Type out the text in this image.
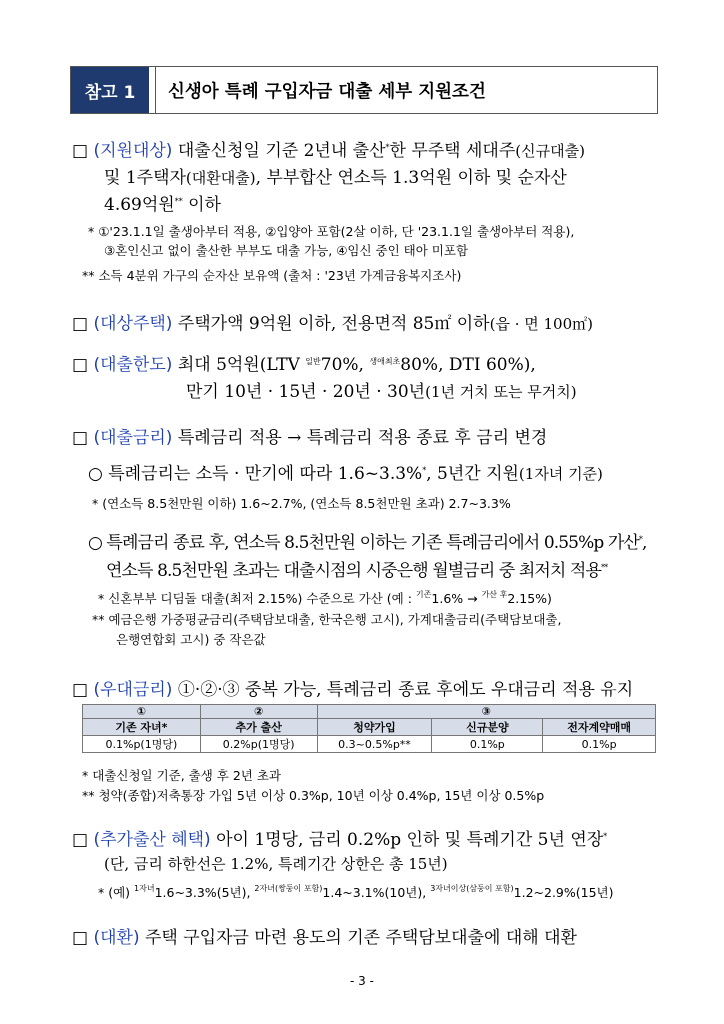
참고 1	신생아 특례 구입자금 대출 세부 지원조건
□ (지원대상) 대출신청일 기준 2년내 출산*한 무주택 세대주(신규대출)
및 1주택자(대환대출), 부부합산 연소득 1.3억원 이하 및 순자산
4.69억원** 이하
* ①'23.1.1일 출생아부터 적용, ②입양아 포함(2살 이하, 단 '23.1.1일 출생아부터 적용),
③혼인신고 없이 출산한 부부도 대출 가능, ④임신 중인 태아 미포함
** 소득 4분위 가구의 순자산 보유액 (출처 : '23년 가계금융복지조사)
□ (대상주택) 주택가액 9억원 이하, 전용면적 85㎡ 이하(읍 · 면 100㎡)
□ (대출한도) 최대 5억원(LTV $^{일반}$70%, $^{생애최초}$80%, DTI 60%),
만기 10년 · 15년 · 20년 · 30년(1년 거치 또는 무거치)
□ (대출금리) 특례금리 적용 → 특례금리 적용 종료 후 금리 변경
○ 특례금리는 소득 · 만기에 따라 1.6~3.3%*, 5년간 지원(1자녀 기준)
* (연소득 8.5천만원 이하) 1.6~2.7%, (연소득 8.5천만원 초과) 2.7~3.3%
○ 특례금리 종료 후, 연소득 8.5천만원 이하는 기존 특례금리에서 0.55%p 가산*,
연소득 8.5천만원 초과는 대출시점의 시중은행 월별금리 중 최저치 적용**
* 신혼부부 디딤돌 대출(최저 2.15%) 수준으로 가산 (예 : $^{기존}$1.6% → $^{가산 후}$2.15%)
** 예금은행 가중평균금리(주택담보대출, 한국은행 고시), 가계대출금리(주택담보대출,
은행연합회 고시) 중 작은값
□ (우대금리) ①·②·③ 중복 가능, 특례금리 종료 후에도 우대금리 적용 유지
①	②	③		
기존 자녀*	추가 출산	청약가입	신규분양	전자계약매매
0.1%p(1명당)	0.2%p(1명당)	0.3~0.5%p**	0.1%p	0.1%p
* 대출신청일 기준, 출생 후 2년 초과
** 청약(종합)저축통장 가입 5년 이상 0.3%p, 10년 이상 0.4%p, 15년 이상 0.5%p
□ (추가출산 혜택) 아이 1명당, 금리 0.2%p 인하 및 특례기간 5년 연장*
(단, 금리 하한선은 1.2%, 특례기간 상한은 총 15년)
* (예) $^{1자녀}$1.6~3.3%(5년), $^{2자녀(쌍둥이 포함)}$1.4~3.1%(10년), $^{3자녀이상(삼둥이 포함)}$1.2~2.9%(15년)
□ (대환) 주택 구입자금 마련 용도의 기존 주택담보대출에 대해 대환
- 3 -
